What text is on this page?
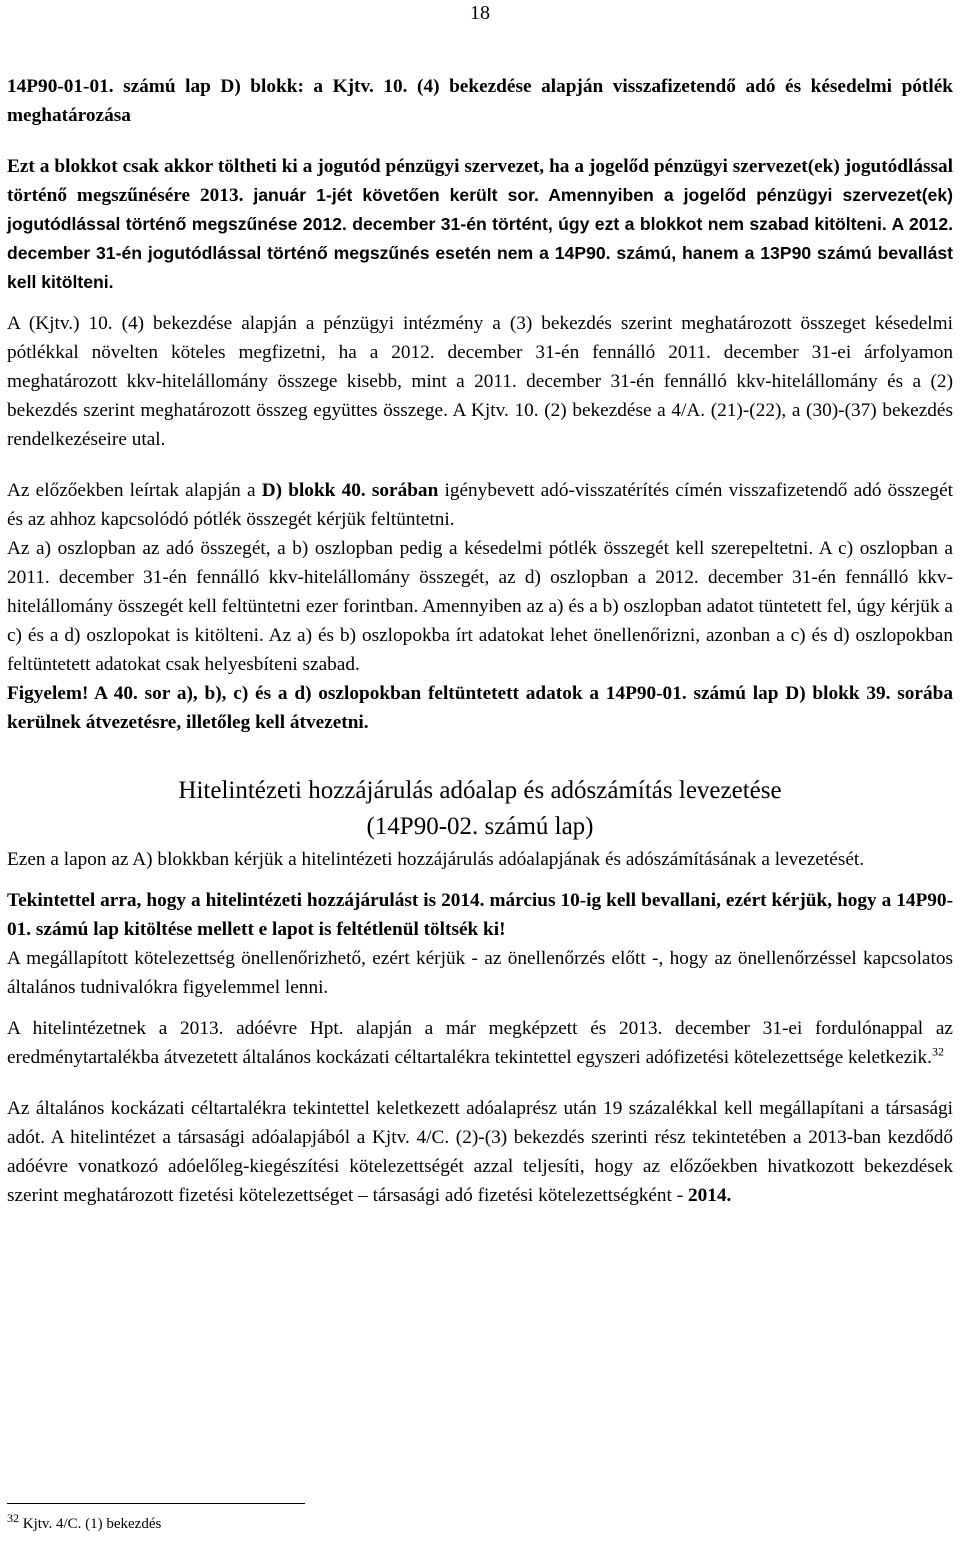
18

14P90-01-01. számú lap D) blokk: a Kjtv. 10. (4) bekezdése alapján visszafizetendő adó és késedelmi pótlék meghatározása

Ezt a blokkot csak akkor töltheti ki a jogutód pénzügyi szervezet, ha a jogelőd pénzügyi szervezet(ek) jogutódlással történő megszűnésére 2013. január 1-jét követően került sor. Amennyiben a jogelőd pénzügyi szervezet(ek) jogutódlással történő megszűnése 2012. december 31-én történt, úgy ezt a blokkot nem szabad kitölteni. A 2012. december 31-én jogutódlással történő megszűnés esetén nem a 14P90. számú, hanem a 13P90 számú bevallást kell kitölteni.

A (Kjtv.) 10. (4) bekezdése alapján a pénzügyi intézmény a (3) bekezdés szerint meghatározott összeget késedelmi pótlékkal növelten köteles megfizetni, ha a 2012. december 31-én fennálló 2011. december 31-ei árfolyamon meghatározott kkv-hitelállomány összege kisebb, mint a 2011. december 31-én fennálló kkv-hitelállomány és a (2) bekezdés szerint meghatározott összeg együttes összege. A Kjtv. 10. (2) bekezdése a 4/A. (21)-(22), a (30)-(37) bekezdés rendelkezéseire utal.

Az előzőekben leírtak alapján a D) blokk 40. sorában igénybevett adó-visszatérítés címén visszafizetendő adó összegét és az ahhoz kapcsolódó pótlék összegét kérjük feltüntetni.

Az a) oszlopban az adó összegét, a b) oszlopban pedig a késedelmi pótlék összegét kell szerepeltetni. A c) oszlopban a 2011. december 31-én fennálló kkv-hitelállomány összegét, az d) oszlopban a 2012. december 31-én fennálló kkv-hitelállomány összegét kell feltüntetni ezer forintban. Amennyiben az a) és a b) oszlopban adatot tüntetett fel, úgy kérjük a c) és a d) oszlopokat is kitölteni. Az a) és b) oszlopokba írt adatokat lehet önellenőrizni, azonban a c) és d) oszlopokban feltüntetett adatokat csak helyesbíteni szabad.

Figyelem! A 40. sor a), b), c) és a d) oszlopokban feltüntetett adatok a 14P90-01. számú lap D) blokk 39. sorába kerülnek átvezetésre, illetőleg kell átvezetni.

Hitelintézeti hozzájárulás adóalap és adószámítás levezetése

(14P90-02. számú lap)

Ezen a lapon az A) blokkban kérjük a hitelintézeti hozzájárulás adóalapjának és adószámításának a levezetését.

Tekintettel arra, hogy a hitelintézeti hozzájárulást is 2014. március 10-ig kell bevallani, ezért kérjük, hogy a 14P90-01. számú lap kitöltése mellett e lapot is feltétlenül töltsék ki!

A megállapított kötelezettség önellenőrizhető, ezért kérjük - az önellenőrzés előtt -, hogy az önellenőrzéssel kapcsolatos általános tudnivalókra figyelemmel lenni.

A hitelintézetnek a 2013. adóévre Hpt. alapján a már megképzett és 2013. december 31-ei fordulónappal az eredménytartalékba átvezetett általános kockázati céltartalékra tekintettel egyszeri adófizetési kötelezettsége keletkezik.$^{32}$

Az általános kockázati céltartalékra tekintettel keletkezett adóalaprész után 19 százalékkal kell megállapítani a társasági adót. A hitelintézet a társasági adóalapjából a Kjtv. 4/C. (2)-(3) bekezdés szerinti rész tekintetében a 2013-ban kezdődő adóévre vonatkozó adóelőleg-kiegészítési kötelezettségét azzal teljesíti, hogy az előzőekben hivatkozott bekezdések szerint meghatározott fizetési kötelezettséget – társasági adó fizetési kötelezettségként - 2014.

$^{32}$ Kjtv. 4/C. (1) bekezdés
